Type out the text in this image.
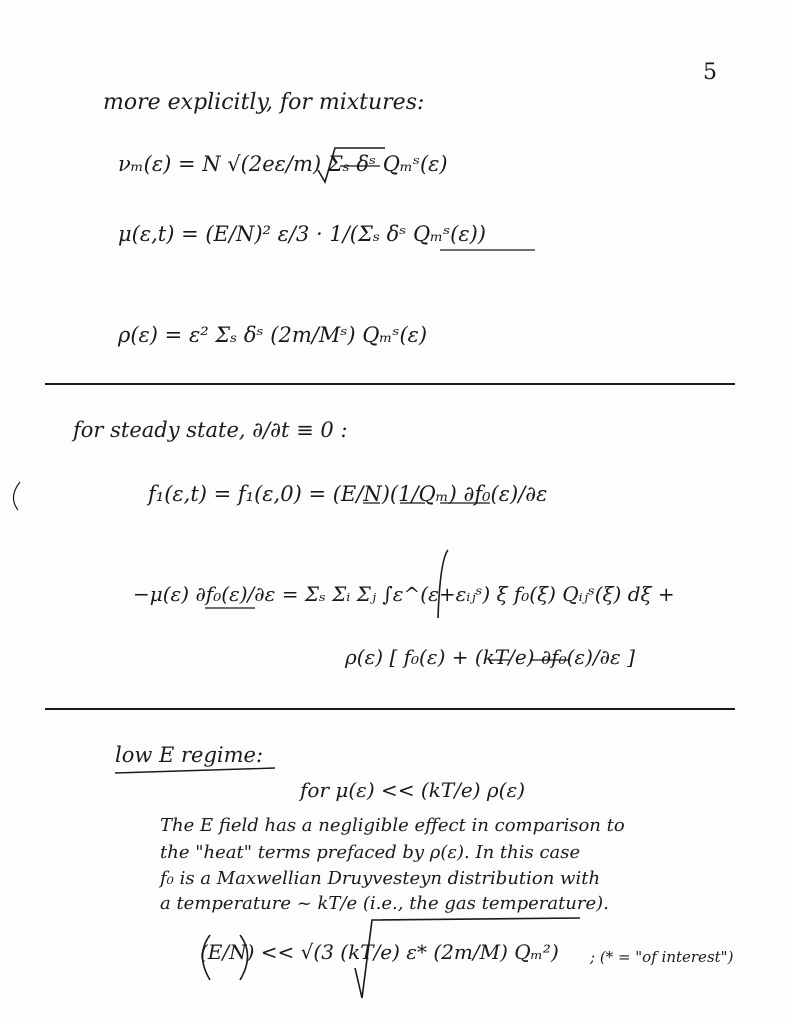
5
more explicitly, for mixtures:
𝜈ₘ(ε) = N √(2eε/m) Σₛ δˢ Qₘˢ(ε)
μ(ε,t) = (E/N)² ε/3 · 1/(Σₛ δˢ Qₘˢ(ε))
ρ(ε) = ε² Σₛ δˢ (2m/Mˢ) Qₘˢ(ε)
for steady state, ∂/∂t ≡ 0 :
f₁(ε,t) = f₁(ε,0) = (E/N)(1/Qₘ) ∂f₀(ε)/∂ε
−μ(ε) ∂f₀(ε)/∂ε = Σₛ Σᵢ Σⱼ ∫ε^(ε+εᵢⱼˢ) ξ f₀(ξ) Qᵢⱼˢ(ξ) dξ +
ρ(ε) [ f₀(ε) + (kT/e) ∂f₀(ε)/∂ε ]
low E regime:
for μ(ε) << (kT/e) ρ(ε)
The E field has a negligible effect in comparison to
the "heat" terms prefaced by ρ(ε). In this case
f₀ is a Maxwellian Druyvesteyn distribution with
a temperature ~ kT/e (i.e., the gas temperature).
(E/N) << √(3 (kT/e) ε* (2m/M) Qₘ²) ; (* = "of interest")
